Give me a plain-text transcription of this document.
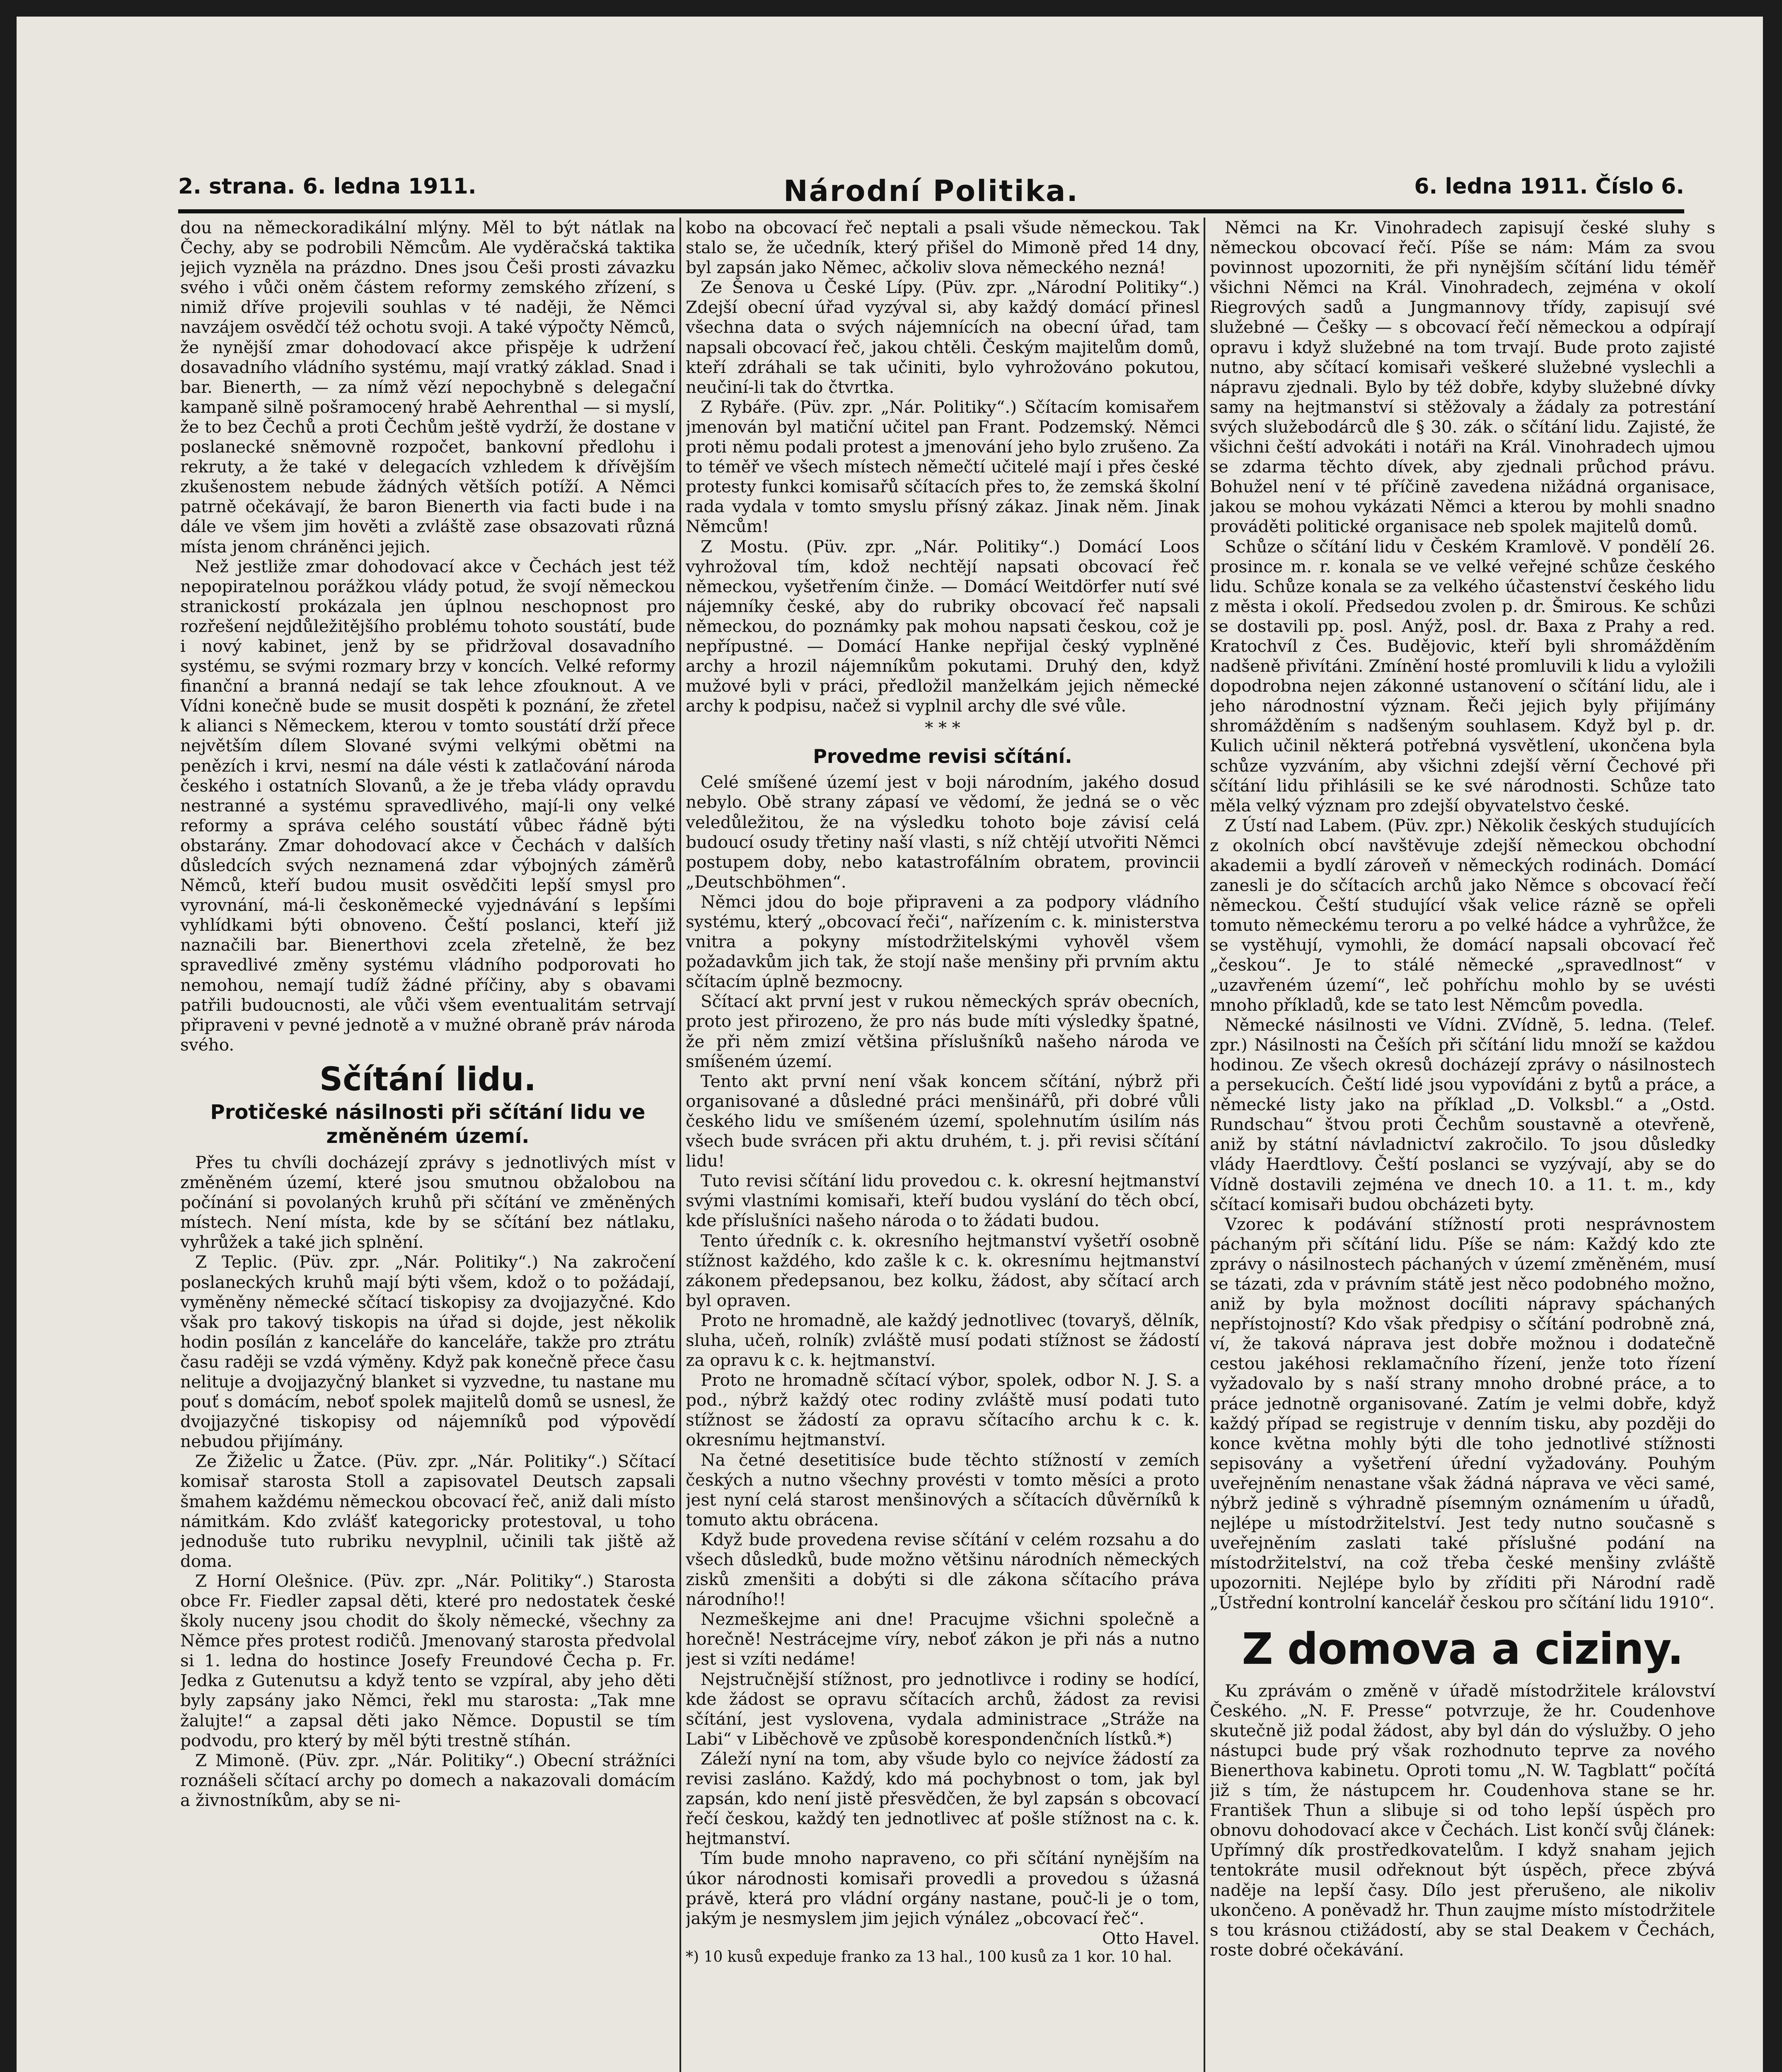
2. strana. 6. ledna 1911.	Národní Politika.	6. ledna 1911. Číslo 6.

dou na německoradikální mlýny. Měl to být nátlak na Čechy, aby se podrobili Němcům. Ale vyděračská taktika jejich vyzněla na prázdno. Dnes jsou Češi prosti závazku svého i vůči oněm částem reformy zemského zřízení, s nimiž dříve projevili souhlas v té naději, že Němci navzájem osvědčí též ochotu svoji. A také výpočty Němců, že nynější zmar dohodovací akce přispěje k udržení dosavadního vládního systému, mají vratký základ. Snad i bar. Bienerth, — za nímž vězí nepochybně s delegační kampaně silně pošramocený hrabě Aehrenthal — si myslí, že to bez Čechů a proti Čechům ještě vydrží, že dostane v poslanecké sněmovně rozpočet, bankovní předlohu i rekruty, a že také v delegacích vzhledem k dřívějším zkušenostem nebude žádných větších potíží. A Němci patrně očekávají, že baron Bienerth via facti bude i na dále ve všem jim hověti a zvláště zase obsazovati různá místa jenom chráněnci jejich.

Než jestliže zmar dohodovací akce v Čechách jest též nepopiratelnou porážkou vlády potud, že svojí německou stranickostí prokázala jen úplnou neschopnost pro rozřešení nejdůležitějšího problému tohoto soustátí, bude i nový kabinet, jenž by se přidržoval dosavadního systému, se svými rozmary brzy v koncích. Velké reformy finanční a branná nedají se tak lehce zfouknout. A ve Vídni konečně bude se musit dospěti k poznání, že zřetel k alianci s Německem, kterou v tomto soustátí drží přece největším dílem Slované svými velkými obětmi na penězích i krvi, nesmí na dále vésti k zatlačování národa českého i ostatních Slovanů, a že je třeba vlády opravdu nestranné a systému spravedlivého, mají-li ony velké reformy a správa celého soustátí vůbec řádně býti obstarány. Zmar dohodovací akce v Čechách v dalších důsledcích svých neznamená zdar výbojných záměrů Němců, kteří budou musit osvědčiti lepší smysl pro vyrovnání, má-li českoněmecké vyjednávání s lepšími vyhlídkami býti obnoveno. Čeští poslanci, kteří již naznačili bar. Bienerthovi zcela zřetelně, že bez spravedlivé změny systému vládního podporovati ho nemohou, nemají tudíž žádné příčiny, aby s obavami patřili budoucnosti, ale vůči všem eventualitám setrvají připraveni v pevné jednotě a v mužné obraně práv národa svého.

Sčítání lidu.
Protičeské násilnosti při sčítání lidu ve změněném území.

Přes tu chvíli docházejí zprávy s jednotlivých míst v změněném území, které jsou smutnou obžalobou na počínání si povolaných kruhů při sčítání ve změněných místech. Není místa, kde by se sčítání bez nátlaku, vyhrůžek a také jich splnění.

Z Teplic. (Püv. zpr. „Nár. Politiky“.) Na zakročení poslaneckých kruhů mají býti všem, kdož o to požádají, vyměněny německé sčítací tiskopisy za dvojjazyčné. Kdo však pro takový tiskopis na úřad si dojde, jest několik hodin posílán z kanceláře do kanceláře, takže pro ztrátu času raději se vzdá výměny. Když pak konečně přece času nelituje a dvojjazyčný blanket si vyzvedne, tu nastane mu pouť s domácím, neboť spolek majitelů domů se usnesl, že dvojjazyčné tiskopisy od nájemníků pod výpovědí nebudou přijímány.

Ze Žiželic u Žatce. (Püv. zpr. „Nár. Politiky“.) Sčítací komisař starosta Stoll a zapisovatel Deutsch zapsali šmahem každému německou obcovací řeč, aniž dali místo námitkám. Kdo zvlášť kategoricky protestoval, u toho jednoduše tuto rubriku nevyplnil, učinili tak jiště až doma.

Z Horní Olešnice. (Püv. zpr. „Nár. Politiky“.) Starosta obce Fr. Fiedler zapsal děti, které pro nedostatek české školy nuceny jsou chodit do školy německé, všechny za Němce přes protest rodičů. Jmenovaný starosta předvolal si 1. ledna do hostince Josefy Freundové Čecha p. Fr. Jedka z Gutenutsu a když tento se vzpíral, aby jeho děti byly zapsány jako Němci, řekl mu starosta: „Tak mne žalujte!“ a zapsal děti jako Němce. Dopustil se tím podvodu, pro který by měl býti trestně stíhán.

Z Mimoně. (Püv. zpr. „Nár. Politiky“.) Obecní strážníci roznášeli sčítací archy po domech a nakazovali domácím a živnostníkům, aby se ni-

kobo na obcovací řeč neptali a psali všude německou. Tak stalo se, že učedník, který přišel do Mimoně před 14 dny, byl zapsán jako Němec, ačkoliv slova německého nezná!

Ze Šenova u České Lípy. (Püv. zpr. „Národní Politiky“.) Zdejší obecní úřad vyzýval si, aby každý domácí přinesl všechna data o svých nájemnících na obecní úřad, tam napsali obcovací řeč, jakou chtěli. Českým majitelům domů, kteří zdráhali se tak učiniti, bylo vyhrožováno pokutou, neučiní-li tak do čtvrtka.

Z Rybáře. (Püv. zpr. „Nár. Politiky“.) Sčítacím komisařem jmenován byl matiční učitel pan Frant. Podzemský. Němci proti němu podali protest a jmenování jeho bylo zrušeno. Za to téměř ve všech místech němečtí učitelé mají i přes české protesty funkci komisařů sčítacích přes to, že zemská školní rada vydala v tomto smyslu přísný zákaz. Jinak něm. Jinak Němcům!

Z Mostu. (Püv. zpr. „Nár. Politiky“.) Domácí Loos vyhrožoval tím, kdož nechtějí napsati obcovací řeč německou, vyšetřením činže. — Domácí Weitdörfer nutí své nájemníky české, aby do rubriky obcovací řeč napsali německou, do poznámky pak mohou napsati českou, což je nepřípustné. — Domácí Hanke nepřijal český vyplněné archy a hrozil nájemníkům pokutami. Druhý den, když mužové byli v práci, předložil manželkám jejich německé archy k podpisu, načež si vyplnil archy dle své vůle.

* * *
Provedme revisi sčítání.

Celé smíšené území jest v boji národním, jakého dosud nebylo. Obě strany zápasí ve vědomí, že jedná se o věc veledůležitou, že na výsledku tohoto boje závisí celá budoucí osudy třetiny naší vlasti, s níž chtějí utvořiti Němci postupem doby, nebo katastrofálním obratem, provincii „Deutschböhmen“.

Němci jdou do boje připraveni a za podpory vládního systému, který „obcovací řeči“, nařízením c. k. ministerstva vnitra a pokyny místodržitelskými vyhověl všem požadavkům jich tak, že stojí naše menšiny při prvním aktu sčítacím úplně bezmocny.

Sčítací akt první jest v rukou německých správ obecních, proto jest přirozeno, že pro nás bude míti výsledky špatné, že při něm zmizí většina příslušníků našeho národa ve smíšeném území.

Tento akt první není však koncem sčítání, nýbrž při organisované a důsledné práci menšinářů, při dobré vůli českého lidu ve smíšeném území, spolehnutím úsilím nás všech bude svrácen při aktu druhém, t. j. při revisi sčítání lidu!

Tuto revisi sčítání lidu provedou c. k. okresní hejtmanství svými vlastními komisaři, kteří budou vyslání do těch obcí, kde příslušníci našeho národa o to žádati budou.

Tento úředník c. k. okresního hejtmanství vyšetří osobně stížnost každého, kdo zašle k c. k. okresnímu hejtmanství zákonem předepsanou, bez kolku, žádost, aby sčítací arch byl opraven.

Proto ne hromadně, ale každý jednotlivec (tovaryš, dělník, sluha, učeň, rolník) zvláště musí podati stížnost se žádostí za opravu k c. k. hejtmanství.

Proto ne hromadně sčítací výbor, spolek, odbor N. J. S. a pod., nýbrž každý otec rodiny zvláště musí podati tuto stížnost se žádostí za opravu sčítacího archu k c. k. okresnímu hejtmanství.

Na četné desetitisíce bude těchto stížností v zemích českých a nutno všechny provésti v tomto měsíci a proto jest nyní celá starost menšinových a sčítacích důvěrníků k tomuto aktu obrácena.

Když bude provedena revise sčítání v celém rozsahu a do všech důsledků, bude možno většinu národních německých zisků zmenšiti a dobýti si dle zákona sčítacího práva národního!!

Nezmeškejme ani dne! Pracujme všichni společně a horečně! Nestrácejme víry, neboť zákon je při nás a nutno jest si vzíti nedáme!

Nejstručnější stížnost, pro jednotlivce i rodiny se hodící, kde žádost se opravu sčítacích archů, žádost za revisi sčítání, jest vyslovena, vydala administrace „Stráže na Labi“ v Liběchově ve způsobě korespondenčních lístků.*)

Záleží nyní na tom, aby všude bylo co nejvíce žádostí za revisi zasláno. Každý, kdo má pochybnost o tom, jak byl zapsán, kdo není jistě přesvědčen, že byl zapsán s obcovací řečí českou, každý ten jednotlivec ať pošle stížnost na c. k. hejtmanství.

Tím bude mnoho napraveno, co při sčítání nynějším na úkor národnosti komisaři provedli a provedou s úžasná právě, která pro vládní orgány nastane, pouč-li je o tom, jakým je nesmyslem jim jejich výnález „obcovací řeč“.

Otto Havel.

*) 10 kusů expeduje franko za 13 hal., 100 kusů za 1 kor. 10 hal.

Němci na Kr. Vinohradech zapisují české sluhy s německou obcovací řečí. Píše se nám: Mám za svou povinnost upozorniti, že při nynějším sčítání lidu téměř všichni Němci na Král. Vinohradech, zejména v okolí Riegrových sadů a Jungmannovy třídy, zapisují své služebné — Češky — s obcovací řečí německou a odpírají opravu i když služebné na tom trvají. Bude proto zajisté nutno, aby sčítací komisaři veškeré služebné vyslechli a nápravu zjednali. Bylo by též dobře, kdyby služebné dívky samy na hejtmanství si stěžovaly a žádaly za potrestání svých služebodárců dle § 30. zák. o sčítání lidu. Zajisté, že všichni čeští advokáti i notáři na Král. Vinohradech ujmou se zdarma těchto dívek, aby zjednali průchod právu. Bohužel není v té příčině zavedena nižádná organisace, jakou se mohou vykázati Němci a kterou by mohli snadno prováděti politické organisace neb spolek majitelů domů.

Schůze o sčítání lidu v Českém Kramlově. V pondělí 26. prosince m. r. konala se ve velké veřejné schůze českého lidu. Schůze konala se za velkého účastenství českého lidu z města i okolí. Předsedou zvolen p. dr. Šmirous. Ke schůzi se dostavili pp. posl. Anýž, posl. dr. Baxa z Prahy a red. Kratochvíl z Čes. Budějovic, kteří byli shromážděním nadšeně přivítáni. Zmínění hosté promluvili k lidu a vyložili dopodrobna nejen zákonné ustanovení o sčítání lidu, ale i jeho národnostní význam. Řeči jejich byly přijímány shromážděním s nadšeným souhlasem. Když byl p. dr. Kulich učinil některá potřebná vysvětlení, ukončena byla schůze vyzváním, aby všichni zdejší věrní Čechové při sčítání lidu přihlásili se ke své národnosti. Schůze tato měla velký význam pro zdejší obyvatelstvo české.

Z Ústí nad Labem. (Püv. zpr.) Několik českých studujících z okolních obcí navštěvuje zdejší německou obchodní akademii a bydlí zároveň v německých rodinách. Domácí zanesli je do sčítacích archů jako Němce s obcovací řečí německou. Čeští studující však velice rázně se opřeli tomuto německému teroru a po velké hádce a vyhrůžce, že se vystěhují, vymohli, že domácí napsali obcovací řeč „českou“. Je to stálé německé „spravedlnost“ v „uzavřeném území“, leč pohříchu mohlo by se uvésti mnoho příkladů, kde se tato lest Němcům povedla.

Německé násilnosti ve Vídni. ZVídně, 5. ledna. (Telef. zpr.) Násilnosti na Češích při sčítání lidu množí se každou hodinou. Ze všech okresů docházejí zprávy o násilnostech a persekucích. Čeští lidé jsou vypovídáni z bytů a práce, a německé listy jako na příklad „D. Volksbl.“ a „Ostd. Rundschau“ štvou proti Čechům soustavně a otevřeně, aniž by státní návladnictví zakročilo. To jsou důsledky vlády Haerdtlovy. Čeští poslanci se vyzývají, aby se do Vídně dostavili zejména ve dnech 10. a 11. t. m., kdy sčítací komisaři budou obcházeti byty.

Vzorec k podávání stížností proti nesprávnostem páchaným při sčítání lidu. Píše se nám: Každý kdo zte zprávy o násilnostech páchaných v území změněném, musí se tázati, zda v právním státě jest něco podobného možno, aniž by byla možnost docíliti nápravy spáchaných nepřístojností? Kdo však předpisy o sčítání podrobně zná, ví, že taková náprava jest dobře možnou i dodatečně cestou jakéhosi reklamačního řízení, jenže toto řízení vyžadovalo by s naší strany mnoho drobné práce, a to práce jednotně organisované. Zatím je velmi dobře, když každý případ se registruje v denním tisku, aby později do konce května mohly býti dle toho jednotlivé stížnosti sepisovány a vyšetření úřední vyžadovány. Pouhým uveřejněním nenastane však žádná náprava ve věci samé, nýbrž jedině s výhradně písemným oznámením u úřadů, nejlépe u místodržitelství. Jest tedy nutno současně s uveřejněním zaslati také příslušné podání na místodržitelství, na což třeba české menšiny zvláště upozorniti. Nejlépe bylo by zříditi při Národní radě „Ústřední kontrolní kancelář českou pro sčítání lidu 1910“.

Z domova a ciziny.

Ku zprávám o změně v úřadě místodržitele království Českého. „N. F. Presse“ potvrzuje, že hr. Coudenhove skutečně již podal žádost, aby byl dán do výslužby. O jeho nástupci bude prý však rozhodnuto teprve za nového Bienerthova kabinetu. Oproti tomu „N. W. Tagblatt“ počítá již s tím, že nástupcem hr. Coudenhova stane se hr. František Thun a slibuje si od toho lepší úspěch pro obnovu dohodovací akce v Čechách. List končí svůj článek: Upřímný dík prostředkovatelům. I když snaham jejich tentokráte musil odřeknout být úspěch, přece zbývá naděje na lepší časy. Dílo jest přerušeno, ale nikoliv ukončeno. A poněvadž hr. Thun zaujme místo místodržitele s tou krásnou ctižádostí, aby se stal Deakem v Čechách, roste dobré očekávání.
